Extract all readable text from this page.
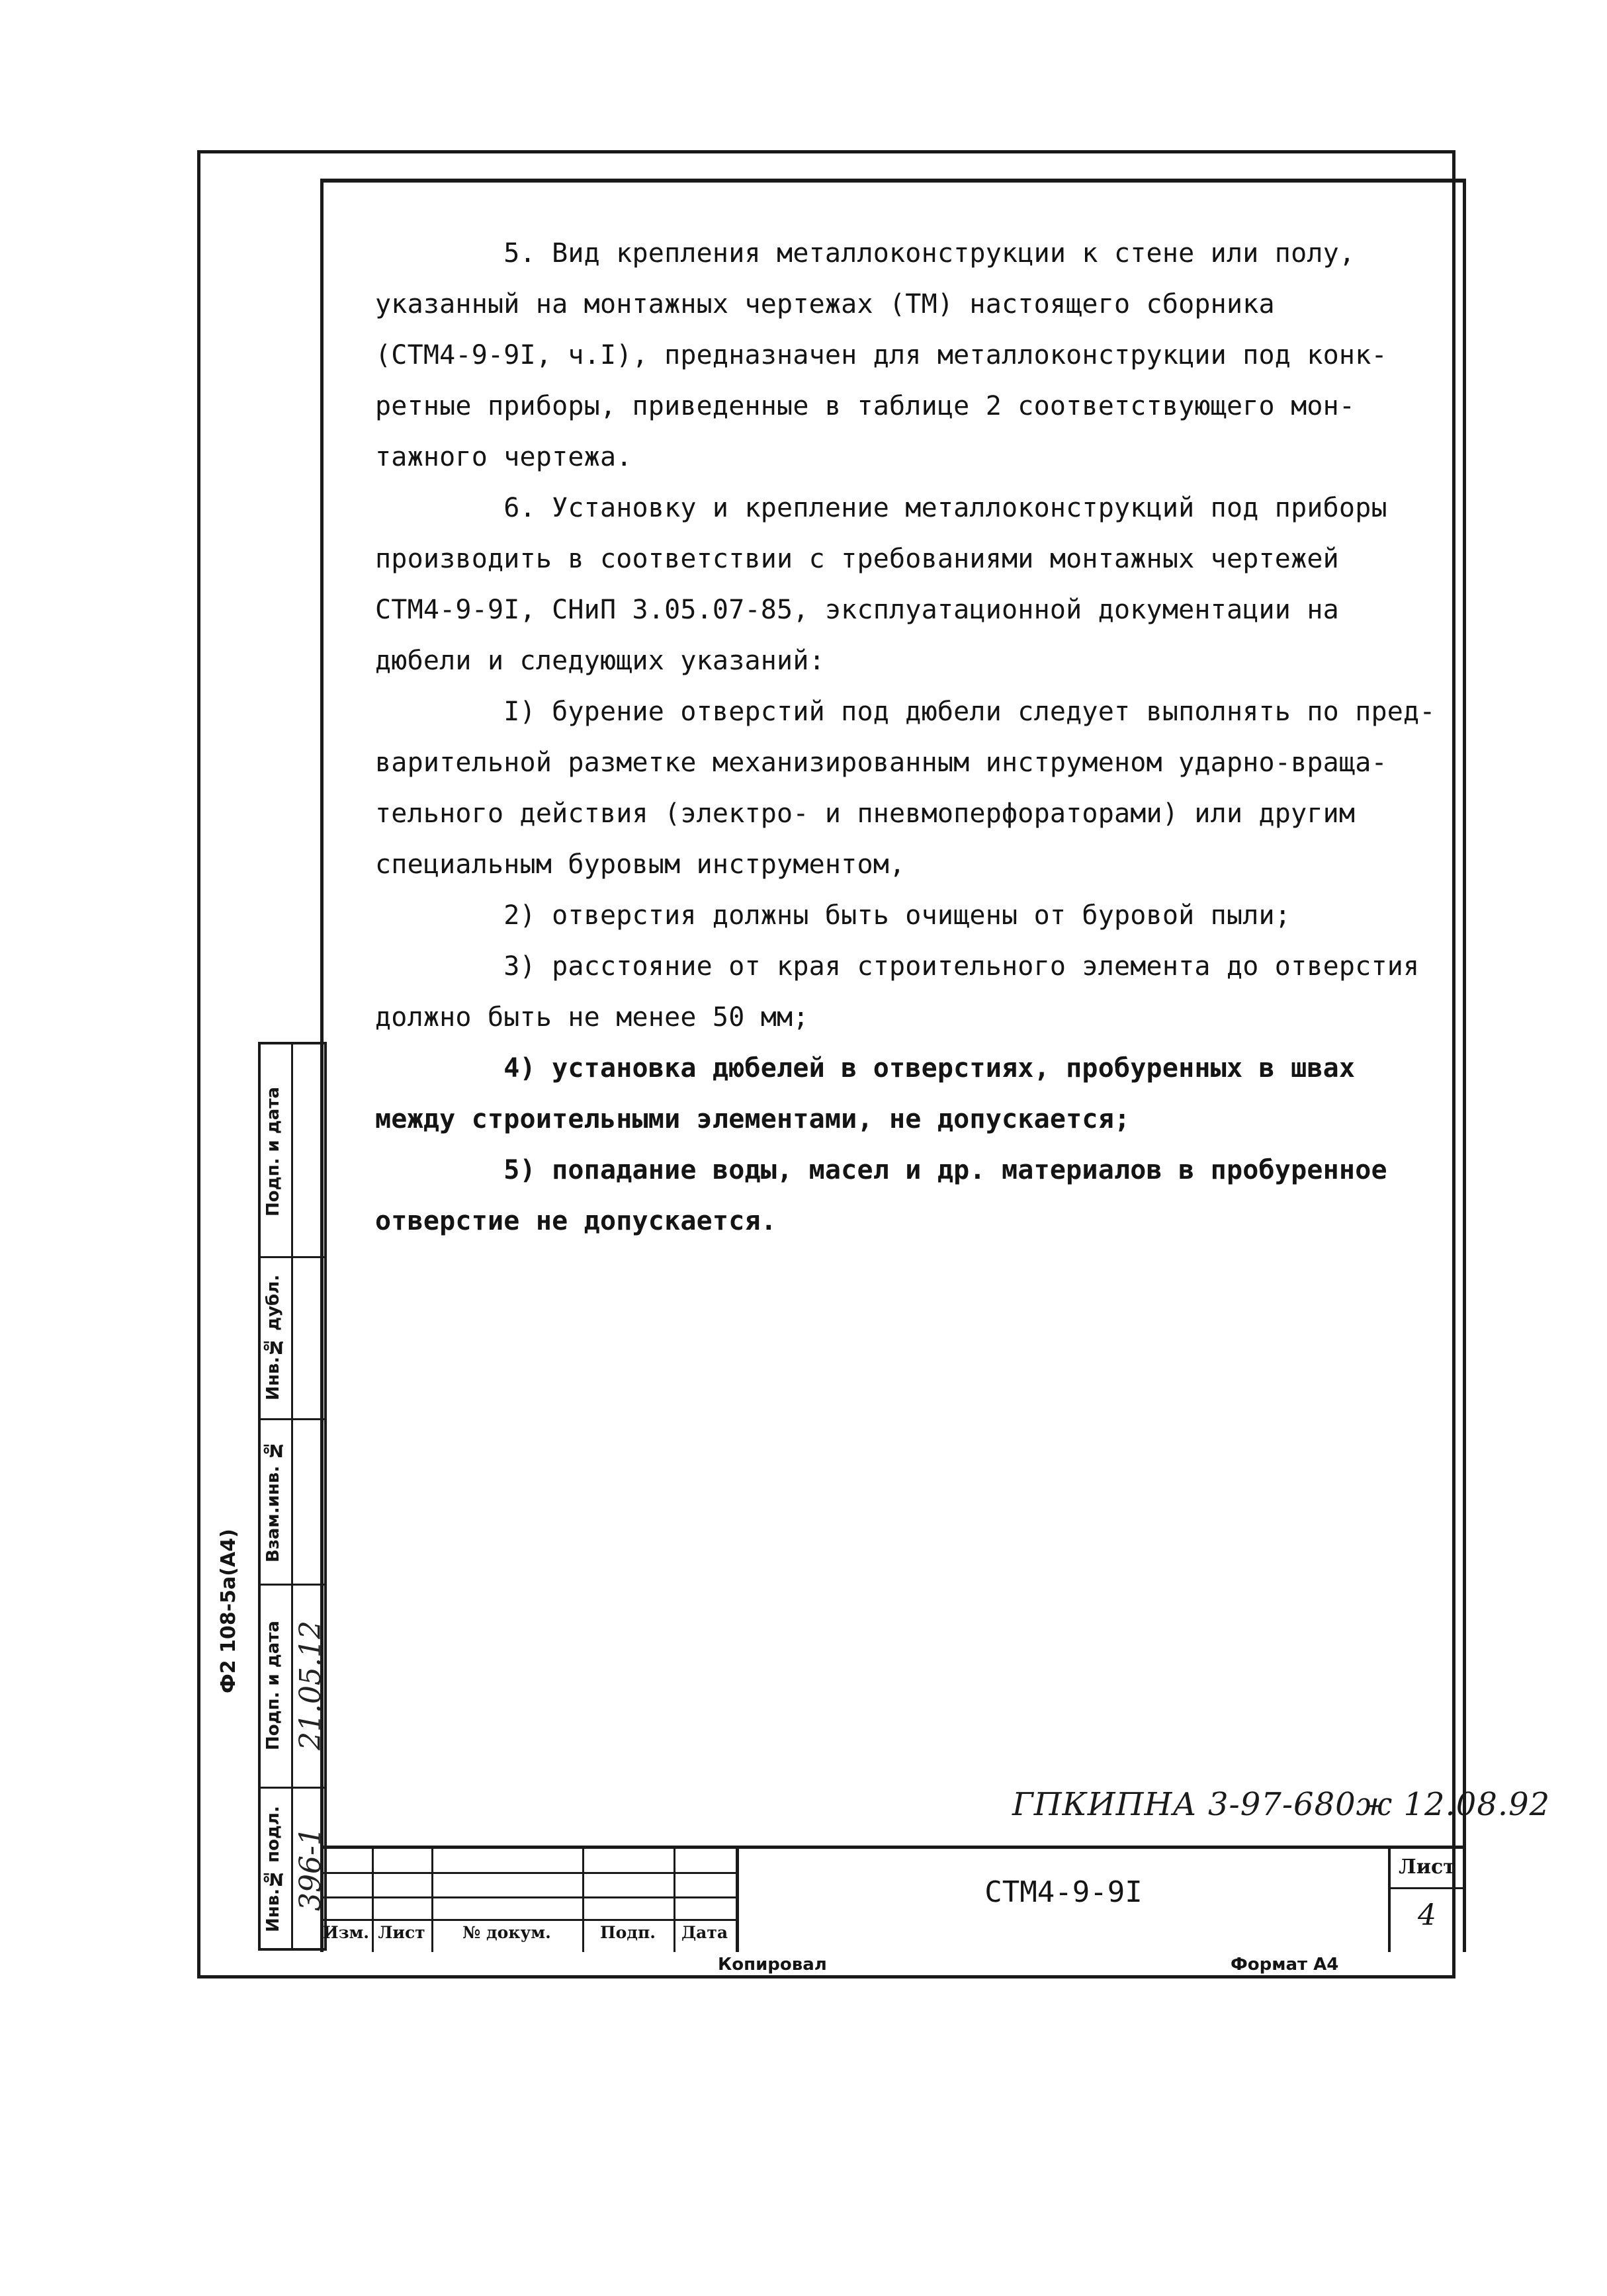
5. Вид крепления металлоконструкции к стене или полу,
указанный на монтажных чертежах (ТМ) настоящего сборника
(СТМ4-9-9I, ч.I), предназначен для металлоконструкции под конк-
ретные приборы, приведенные в таблице 2 соответствующего мон-
тажного чертежа.
6. Установку и крепление металлоконструкций под приборы
производить в соответствии с требованиями монтажных чертежей
СТМ4-9-9I, СНиП 3.05.07-85, эксплуатационной документации на
дюбели и следующих указаний:
I) бурение отверстий под дюбели следует выполнять по пред-
варительной разметке механизированным инструменом ударно-враща-
тельного действия (электро- и пневмоперфораторами) или другим
специальным буровым инструментом,
2) отверстия должны быть очищены от буровой пыли;
3) расстояние от края строительного элемента до отверстия
должно быть не менее 50 мм;
4) установка дюбелей в отверстиях, пробуренных в швах
между строительными элементами, не допускается;
5) попадание воды, масел и др. материалов в пробуренное
отверстие не допускается.
Ф2 108-5а(А4)
Подп. и дата
Инв.№ дубл.
Взам.инв. №
Подп. и дата
Инв.№ подл.
21.05.12
396-1
ГПКИПНА 3-97-680ж 12.08.92
Изм. Лист	№ докум.	Подп.	Дата
СТМ4-9-9I
Лист
4
Копировал	Формат А4
